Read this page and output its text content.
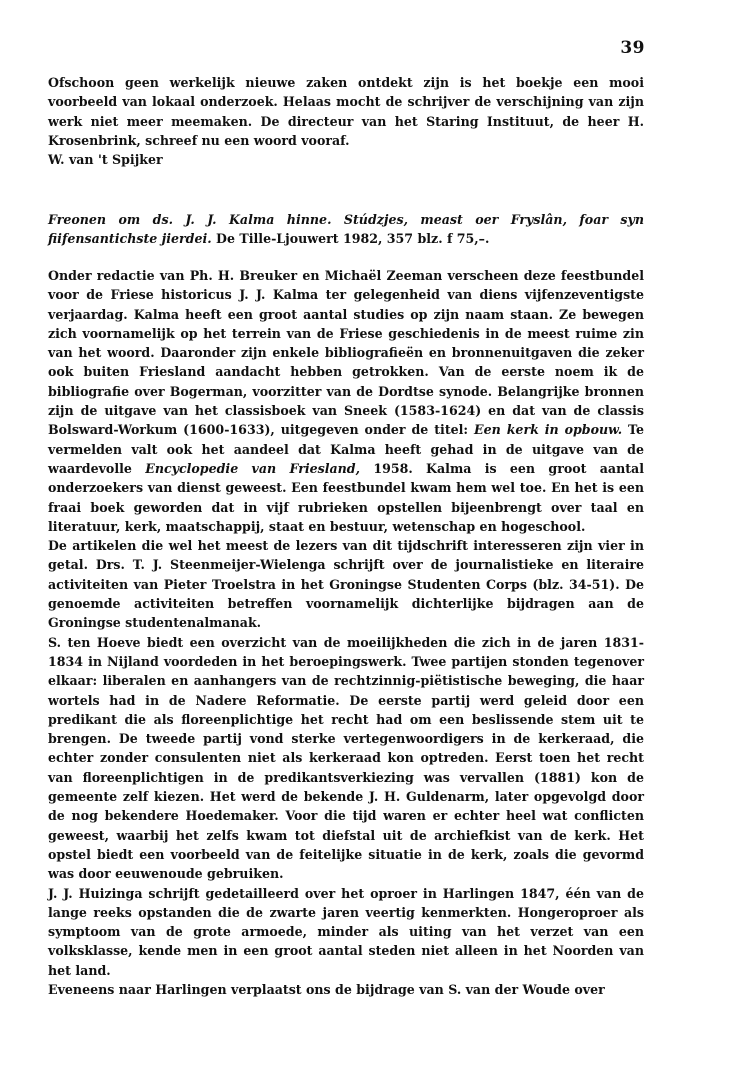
39

Ofschoon geen werkelijk nieuwe zaken ontdekt zijn is het boekje een mooi voorbeeld van lokaal onderzoek. Helaas mocht de schrijver de verschijning van zijn werk niet meer meemaken. De directeur van het Staring Instituut, de heer H. Krosenbrink, schreef nu een woord vooraf.

W. van 't Spijker

Freonen om ds. J. J. Kalma hinne. Stúdzjes, meast oer Fryslân, foar syn fiifensantichste jierdei. De Tille-Ljouwert 1982, 357 blz. f 75,–.

Onder redactie van Ph. H. Breuker en Michaël Zeeman verscheen deze feestbundel voor de Friese historicus J. J. Kalma ter gelegenheid van diens vijfenzeventigste verjaardag. Kalma heeft een groot aantal studies op zijn naam staan. Ze bewegen zich voornamelijk op het terrein van de Friese geschiedenis in de meest ruime zin van het woord. Daaronder zijn enkele bibliografieën en bronnenuitgaven die zeker ook buiten Friesland aandacht hebben getrokken. Van de eerste noem ik de bibliografie over Bogerman, voorzitter van de Dordtse synode. Belangrijke bronnen zijn de uitgave van het classisboek van Sneek (1583-1624) en dat van de classis Bolsward-Workum (1600-1633), uitgegeven onder de titel: Een kerk in opbouw. Te vermelden valt ook het aandeel dat Kalma heeft gehad in de uitgave van de waardevolle Encyclopedie van Friesland, 1958. Kalma is een groot aantal onderzoekers van dienst geweest. Een feestbundel kwam hem wel toe. En het is een fraai boek geworden dat in vijf rubrieken opstellen bijeenbrengt over taal en literatuur, kerk, maatschappij, staat en bestuur, wetenschap en hogeschool.

De artikelen die wel het meest de lezers van dit tijdschrift interesseren zijn vier in getal. Drs. T. J. Steenmeijer-Wielenga schrijft over de journalistieke en literaire activiteiten van Pieter Troelstra in het Groningse Studenten Corps (blz. 34-51). De genoemde activiteiten betreffen voornamelijk dichterlijke bijdragen aan de Groningse studentenalmanak.

S. ten Hoeve biedt een overzicht van de moeilijkheden die zich in de jaren 1831-1834 in Nijland voordeden in het beroepingswerk. Twee partijen stonden tegenover elkaar: liberalen en aanhangers van de rechtzinnig-piëtistische beweging, die haar wortels had in de Nadere Reformatie. De eerste partij werd geleid door een predikant die als floreenplichtige het recht had om een beslissende stem uit te brengen. De tweede partij vond sterke vertegenwoordigers in de kerkeraad, die echter zonder consulenten niet als kerkeraad kon optreden. Eerst toen het recht van floreenplichtigen in de predikantsverkiezing was vervallen (1881) kon de gemeente zelf kiezen. Het werd de bekende J. H. Guldenarm, later opgevolgd door de nog bekendere Hoedemaker. Voor die tijd waren er echter heel wat conflicten geweest, waarbij het zelfs kwam tot diefstal uit de archiefkist van de kerk. Het opstel biedt een voorbeeld van de feitelijke situatie in de kerk, zoals die gevormd was door eeuwenoude gebruiken.

J. J. Huizinga schrijft gedetailleerd over het oproer in Harlingen 1847, één van de lange reeks opstanden die de zwarte jaren veertig kenmerkten. Hongeroproer als symptoom van de grote armoede, minder als uiting van het verzet van een volksklasse, kende men in een groot aantal steden niet alleen in het Noorden van het land.

Eveneens naar Harlingen verplaatst ons de bijdrage van S. van der Woude over
